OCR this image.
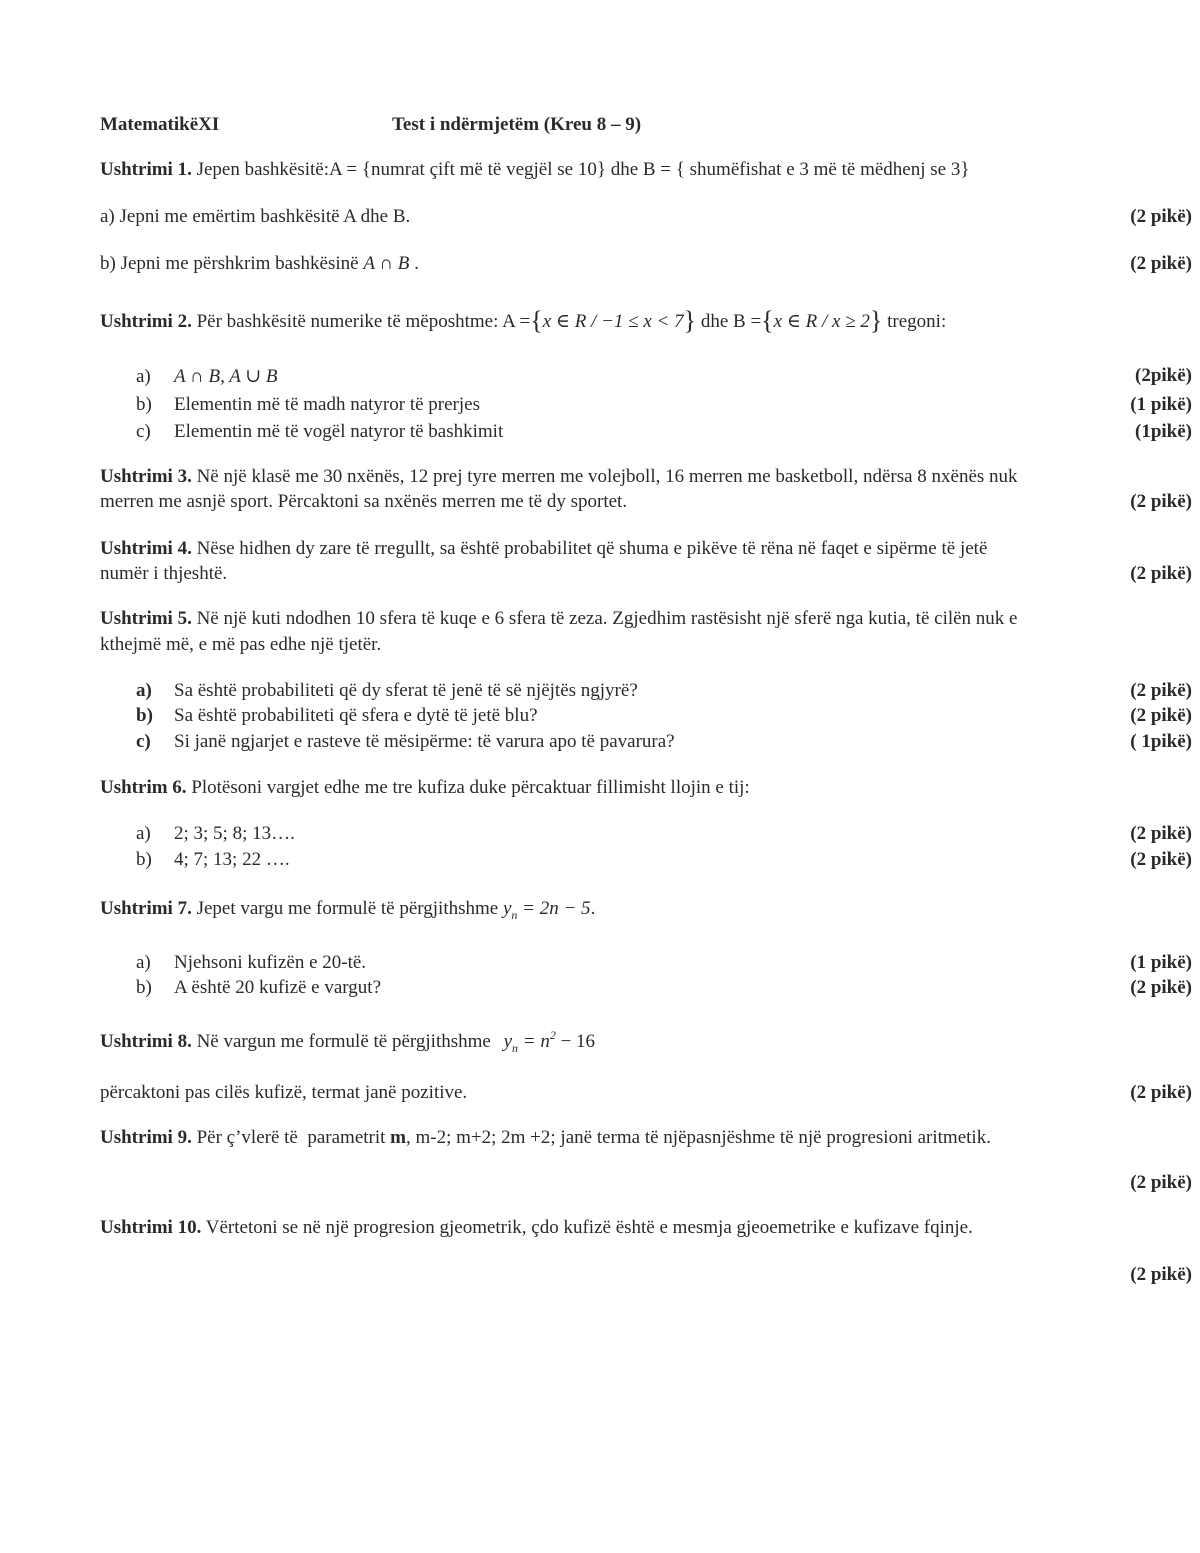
MatematikëXI	Test i ndërmjetëm (Kreu 8 – 9)
Ushtrimi 1. Jepen bashkësitë:A = {numrat çift më të vegjël se 10} dhe B = { shumëfishat e 3 më të mëdhenj se 3}
a) Jepni me emërtim bashkësitë A dhe B.	(2 pikë)
b) Jepni me përshkrim bashkësinë A ∩ B .	(2 pikë)
Ushtrimi 2. Për bashkësitë numerike të mëposhtme: A ={x ∈ R / −1 ≤ x < 7} dhe B ={x ∈ R / x ≥ 2} tregoni:
a) A ∩ B, A ∪ B	(2pikë)
b) Elementin më të madh natyror të prerjes	(1 pikë)
c) Elementin më të vogël natyror të bashkimit	(1pikë)
Ushtrimi 3. Në një klasë me 30 nxënës, 12 prej tyre merren me volejboll, 16 merren me basketboll, ndërsa 8 nxënës nuk
merren me asnjë sport. Përcaktoni sa nxënës merren me të dy sportet.	(2 pikë)
Ushtrimi 4. Nëse hidhen dy zare të rregullt, sa është probabilitet që shuma e pikëve të rëna në faqet e sipërme të jetë
numër i thjeshtë.	(2 pikë)
Ushtrimi 5. Në një kuti ndodhen 10 sfera të kuqe e 6 sfera të zeza. Zgjedhim rastësisht një sferë nga kutia, të cilën nuk e
kthejmë më, e më pas edhe një tjetër.
a) Sa është probabiliteti që dy sferat të jenë të së njëjtës ngjyrë?	(2 pikë)
b) Sa është probabiliteti që sfera e dytë të jetë blu?	(2 pikë)
c) Si janë ngjarjet e rasteve të mësipërme: të varura apo të pavarura?	( 1pikë)
Ushtrim 6. Plotësoni vargjet edhe me tre kufiza duke përcaktuar fillimisht llojin e tij:
a) 2; 3; 5; 8; 13….	(2 pikë)
b) 4; 7; 13; 22 ….	(2 pikë)
Ushtrimi 7. Jepet vargu me formulë të përgjithshme $y_n = 2n - 5$.
a) Njehsoni kufizën e 20-të.	(1 pikë)
b) A është 20 kufizë e vargut?	(2 pikë)
Ushtrimi 8. Në vargun me formulë të përgjithshme $y_n = n^2 - 16$
përcaktoni pas cilës kufizë, termat janë pozitive.	(2 pikë)
Ushtrimi 9. Për ç’vlerë të  parametrit m, m-2; m+2; 2m +2; janë terma të njëpasnjëshme të një progresioni aritmetik.
(2 pikë)
Ushtrimi 10. Vërtetoni se në një progresion gjeometrik, çdo kufizë është e mesmja gjeoemetrike e kufizave fqinje.
(2 pikë)
